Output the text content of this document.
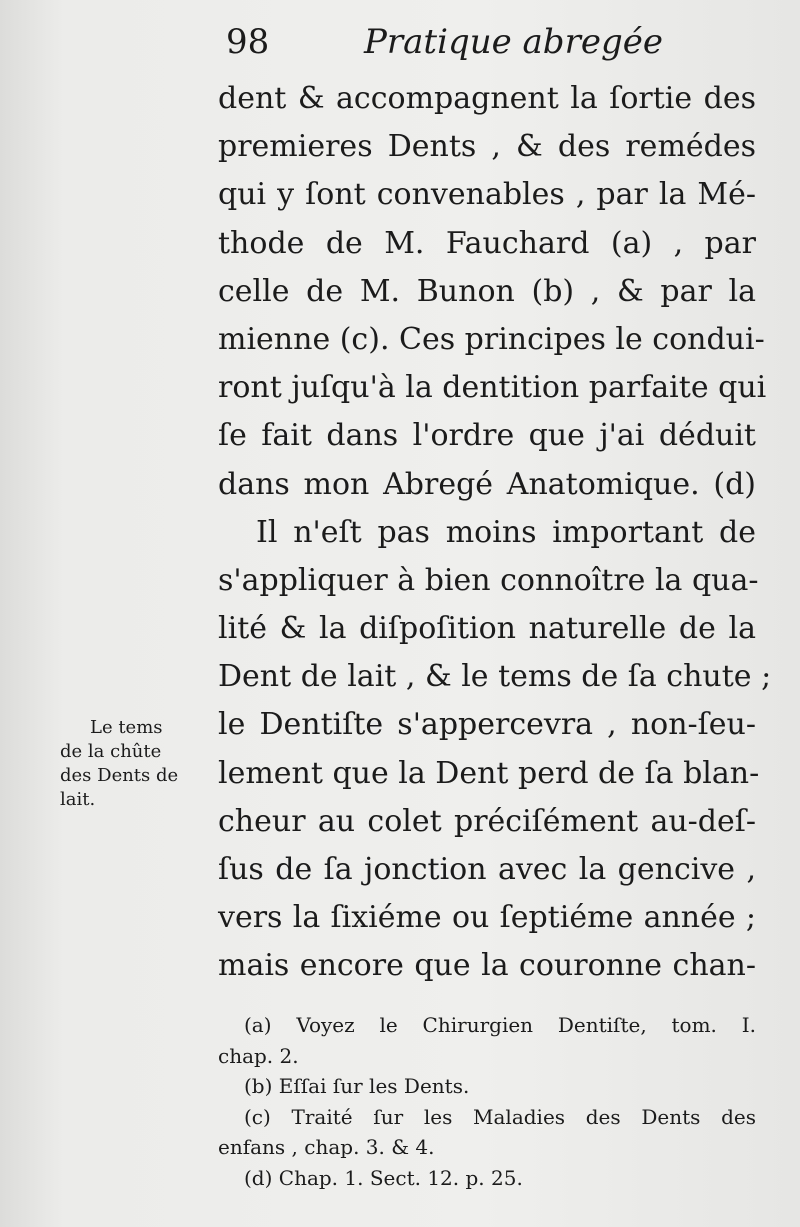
98	Pratique abregée
dent & accompagnent la ſortie des
premieres Dents , & des remédes
qui y ſont convenables , par la Mé-
thode de M. Fauchard (a) , par
celle de M. Bunon (b) , & par la
mienne (c). Ces principes le condui-
ront juſqu'à la dentition parfaite qui
ſe fait dans l'ordre que j'ai déduit
dans mon Abregé Anatomique. (d)
Il n'eſt pas moins important de
s'appliquer à bien connoître la qua-
lité & la diſpoſition naturelle de la
Dent de lait , & le tems de ſa chute ;
le Dentiſte s'appercevra , non-ſeu-
lement que la Dent perd de ſa blan-
cheur au colet préciſément au-deſ-
ſus de ſa jonction avec la gencive ,
vers la ſixiéme ou ſeptiéme année ;
mais encore que la couronne chan-
Le tems
de la chûte
des Dents de
lait.
(a) Voyez le Chirurgien Dentiſte, tom. I.
chap. 2.
(b) Eſſai ſur les Dents.
(c) Traité ſur les Maladies des Dents des
enfans , chap. 3. & 4.
(d) Chap. 1. Sect. 12. p. 25.
